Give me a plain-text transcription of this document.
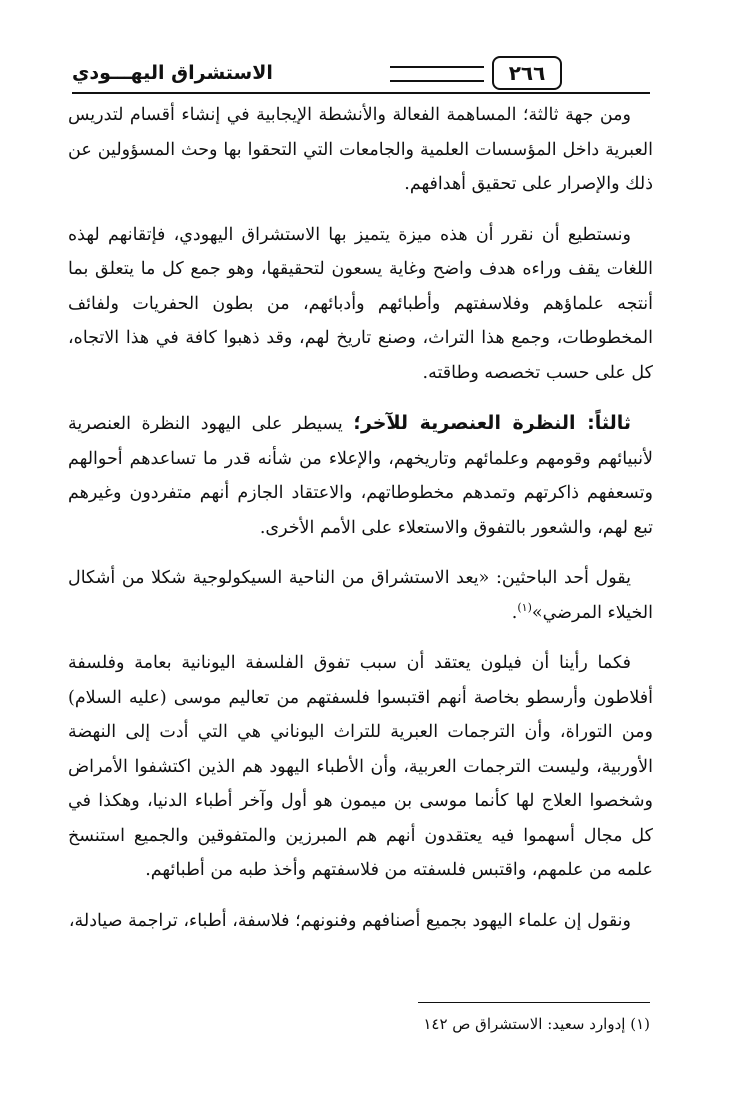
الاستشراق اليهـــودي	٢٦٦

ومن جهة ثالثة؛ المساهمة الفعالة والأنشطة الإيجابية في إنشاء أقسام لتدريس العبرية داخل المؤسسات العلمية والجامعات التي التحقوا بها وحث المسؤولين عن ذلك والإصرار على تحقيق أهدافهم.

ونستطيع أن نقرر أن هذه ميزة يتميز بها الاستشراق اليهودي، فإتقانهم لهذه اللغات يقف وراءه هدف واضح وغاية يسعون لتحقيقها، وهو جمع كل ما يتعلق بما أنتجه علماؤهم وفلاسفتهم وأطبائهم وأدبائهم، من بطون الحفريات ولفائف المخطوطات، وجمع هذا التراث، وصنع تاريخ لهم، وقد ذهبوا كافة في هذا الاتجاه، كل على حسب تخصصه وطاقته.

ثالثاً: النظرة العنصرية للآخر؛ يسيطر على اليهود النظرة العنصرية لأنبيائهم وقومهم وعلمائهم وتاريخهم، والإعلاء من شأنه قدر ما تساعدهم أحوالهم وتسعفهم ذاكرتهم وتمدهم مخطوطاتهم، والاعتقاد الجازم أنهم متفردون وغيرهم تبع لهم، والشعور بالتفوق والاستعلاء على الأمم الأخرى.

يقول أحد الباحثين: «يعد الاستشراق من الناحية السيكولوجية شكلا من أشكال الخيلاء المرضي»$^{(١)}$.

فكما رأينا أن فيلون يعتقد أن سبب تفوق الفلسفة اليونانية بعامة وفلسفة أفلاطون وأرسطو بخاصة أنهم اقتبسوا فلسفتهم من تعاليم موسى (عليه السلام) ومن التوراة، وأن الترجمات العبرية للتراث اليوناني هي التي أدت إلى النهضة الأوربية، وليست الترجمات العربية، وأن الأطباء اليهود هم الذين اكتشفوا الأمراض وشخصوا العلاج لها كأنما موسى بن ميمون هو أول وآخر أطباء الدنيا، وهكذا في كل مجال أسهموا فيه يعتقدون أنهم هم المبرزين والمتفوقين والجميع استنسخ علمه من علمهم، واقتبس فلسفته من فلاسفتهم وأخذ طبه من أطبائهم.

ونقول إن علماء اليهود بجميع أصنافهم وفنونهم؛ فلاسفة، أطباء، تراجمة صيادلة،

(١) إدوارد سعيد: الاستشراق ص ١٤٢
